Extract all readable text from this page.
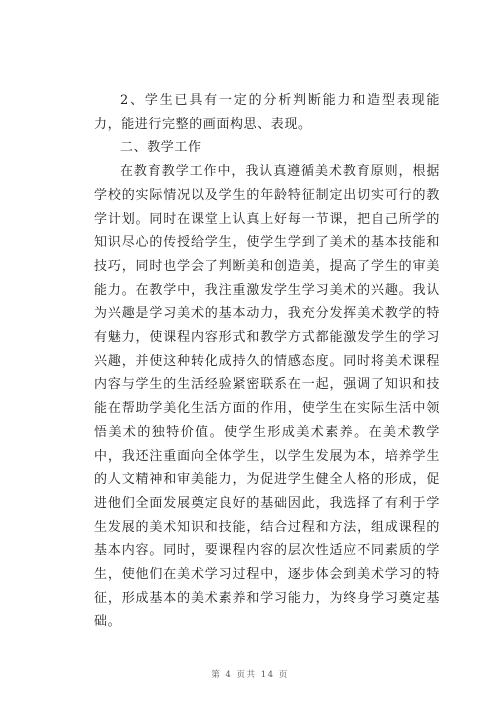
2、学生已具有一定的分析判断能力和造型表现能力，能进行完整的画面构思、表现。

二、教学工作

在教育教学工作中，我认真遵循美术教育原则，根据学校的实际情况以及学生的年龄特征制定出切实可行的教学计划。同时在课堂上认真上好每一节课，把自己所学的知识尽心的传授给学生，使学生学到了美术的基本技能和技巧，同时也学会了判断美和创造美，提高了学生的审美能力。在教学中，我注重激发学生学习美术的兴趣。我认为兴趣是学习美术的基本动力，我充分发挥美术教学的特有魅力，使课程内容形式和教学方式都能激发学生的学习兴趣，并使这种转化成持久的情感态度。同时将美术课程内容与学生的生活经验紧密联系在一起，强调了知识和技能在帮助学美化生活方面的作用，使学生在实际生活中领悟美术的独特价值。使学生形成美术素养。在美术教学中，我还注重面向全体学生，以学生发展为本，培养学生的人文精神和审美能力，为促进学生健全人格的形成，促进他们全面发展奠定良好的基础因此，我选择了有利于学生发展的美术知识和技能，结合过程和方法，组成课程的基本内容。同时，要课程内容的层次性适应不同素质的学生，使他们在美术学习过程中，逐步体会到美术学习的特征，形成基本的美术素养和学习能力，为终身学习奠定基础。

第 4 页共 14 页
